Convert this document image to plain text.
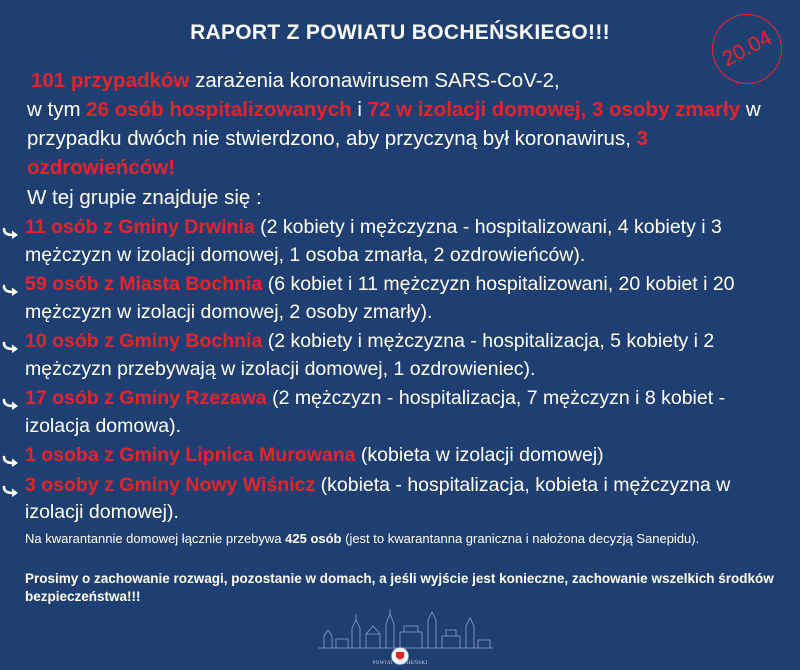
RAPORT Z POWIATU BOCHEŃSKIEGO!!!	20.04
101 przypadków zarażenia koronawirusem SARS-CoV-2,
w tym 26 osób hospitalizowanych i 72 w izolacji domowej, 3 osoby zmarły w przypadku dwóch nie stwierdzono, aby przyczyną był koronawirus, 3 ozdrowieńców!
W tej grupie znajduje się :
11 osób z Gminy Drwinia (2 kobiety i mężczyzna - hospitalizowani, 4 kobiety i 3 mężczyzn w izolacji domowej, 1 osoba zmarła, 2 ozdrowieńców).
59 osób z Miasta Bochnia (6 kobiet i 11 mężczyzn hospitalizowani, 20 kobiet i 20 mężczyzn w izolacji domowej, 2 osoby zmarły).
10 osób z Gminy Bochnia (2 kobiety i mężczyzna - hospitalizacja, 5 kobiety i 2 mężczyzn przebywają w izolacji domowej, 1 ozdrowieniec).
17 osób z Gminy Rzezawa (2 mężczyzn - hospitalizacja, 7 mężczyzn i 8 kobiet - izolacja domowa).
1 osoba z Gminy Lipnica Murowana (kobieta w izolacji domowej)
3 osoby z Gminy Nowy Wiśnicz (kobieta - hospitalizacja, kobieta i mężczyzna w izolacji domowej).
Na kwarantannie domowej łącznie przebywa 425 osób (jest to kwarantanna graniczna i nałożona decyzją Sanepidu).
Prosimy o zachowanie rozwagi, pozostanie w domach, a jeśli wyjście jest konieczne, zachowanie wszelkich środków bezpieczeństwa!!!
POWIAT BOCHEŃSKI
